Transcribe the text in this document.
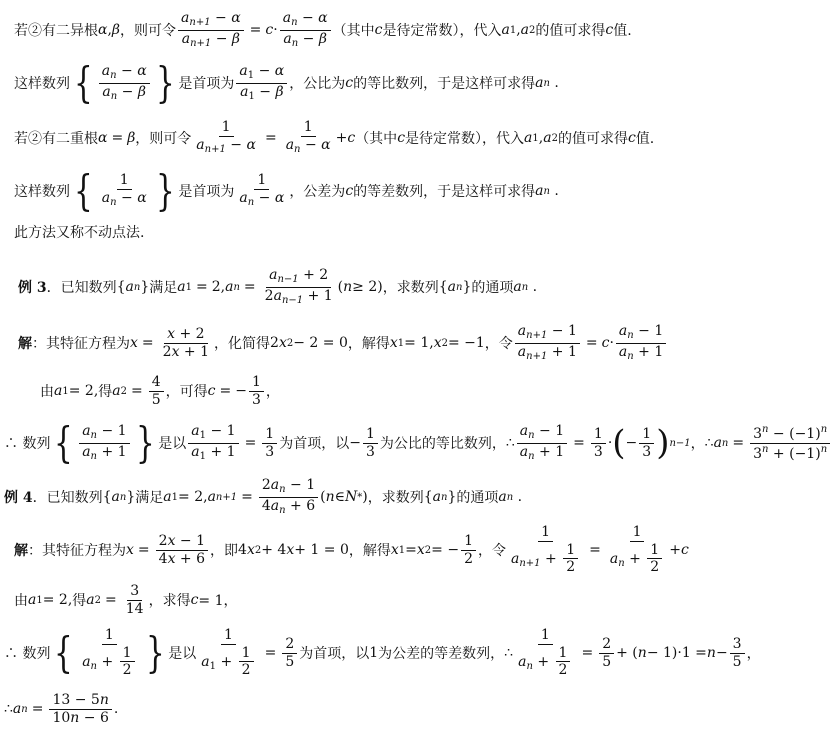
若②有二异根 α , β ，则可令 $\frac{a_{n+1} - \alpha}{a_{n+1} - \beta} = c \cdot \frac{a_n - \alpha}{a_n - \beta}$ （其中 c 是待定常数），代入 a 1 , a 2 的值可求得 c 值.
这样数列 { $\frac{a_n - \alpha}{a_n - \beta}$ } 是首项为 $\frac{a_1 - \alpha}{a_1 - \beta}$ ，公比为 c 的等比数列，于是这样可求得 a n .
若②有二重根 α = β ，则可令 $\frac{1}{a_{n+1} - \alpha} = \frac{1}{a_n - \alpha} + c$ （其中 c 是待定常数），代入 a 1 , a 2 的值可求得 c 值.
这样数列 { $\frac{1}{a_n - \alpha}$ } 是首项为 $\frac{1}{a_n - \alpha}$ ，公差为 c 的等差数列，于是这样可求得 a n .
此方法又称不动点法.
例 3 ．已知数列 { a n } 满足 a 1 = 2, a $n = \frac{a_{n-1} + 2}{2a_{n-1} + 1}$ ( n ≥ 2) ，求数列 { a n } 的通项 a n .
解 ：其特征方程为 $x = \frac{x + 2}{2x + 1}$ ，化简得 2 x 2 − 2 = 0 ，解得 x 1 = 1, x 2 = −1 ，令 $\frac{a_{n+1} - 1}{a_{n+1} + 1} = c \cdot \frac{a_n - 1}{a_n + 1}$
由 a 1 = 2, 得 a $2 = \frac{4}{5}$ ，可得 c = − $\frac{1}{3}$ ，
∴ 数列 { $\frac{a_n - 1}{a_n + 1}$ } 是以 $\frac{a_1 - 1}{a_1 + 1} = \frac{1}{3}$ 为首项，以 − $\frac{1}{3}$ 为公比的等比数列， ∴ $\frac{a_n - 1}{a_n + 1} = \frac{1}{3}$ · ( − $\frac{1}{3}$ ) n−1 ， ∴ a $n = \frac{3^n - (-1)^n}{3^n + (-1)^n}$
例 4 ．已知数列 { a n } 满足 a 1 = 2, a $n+1 = \frac{2a_n - 1}{4a_n + 6}$ ( n ∈ N * ) ，求数列 { a n } 的通项 a n .
解 ：其特征方程为 $x = \frac{2x - 1}{4x + 6}$ ，即 4 x 2 + 4 x + 1 = 0 ，解得 x 1 = x 2 = − $\frac{1}{2}$ ，令 $\frac{1}{a_{n+1} + \frac{1}{2}} = \frac{1}{a_n + \frac{1}{2}} + c$
由 a 1 = 2, 得 a $2 = \frac{3}{14}$ ，求得 c = 1，
∴ 数列 { $\frac{1}{a_n + \frac{1}{2}}$ } 是以 $\frac{1}{a_1 + \frac{1}{2}} = \frac{2}{5}$ 为首项，以 1 为公差的等差数列， ∴ $\frac{1}{a_n + \frac{1}{2}} = \frac{2}{5}$ + ( $n - 1)\cdot 1 = n - \frac{3}{5}$ ，
∴ a $n = \frac{13 - 5n}{10n - 6}$ .
